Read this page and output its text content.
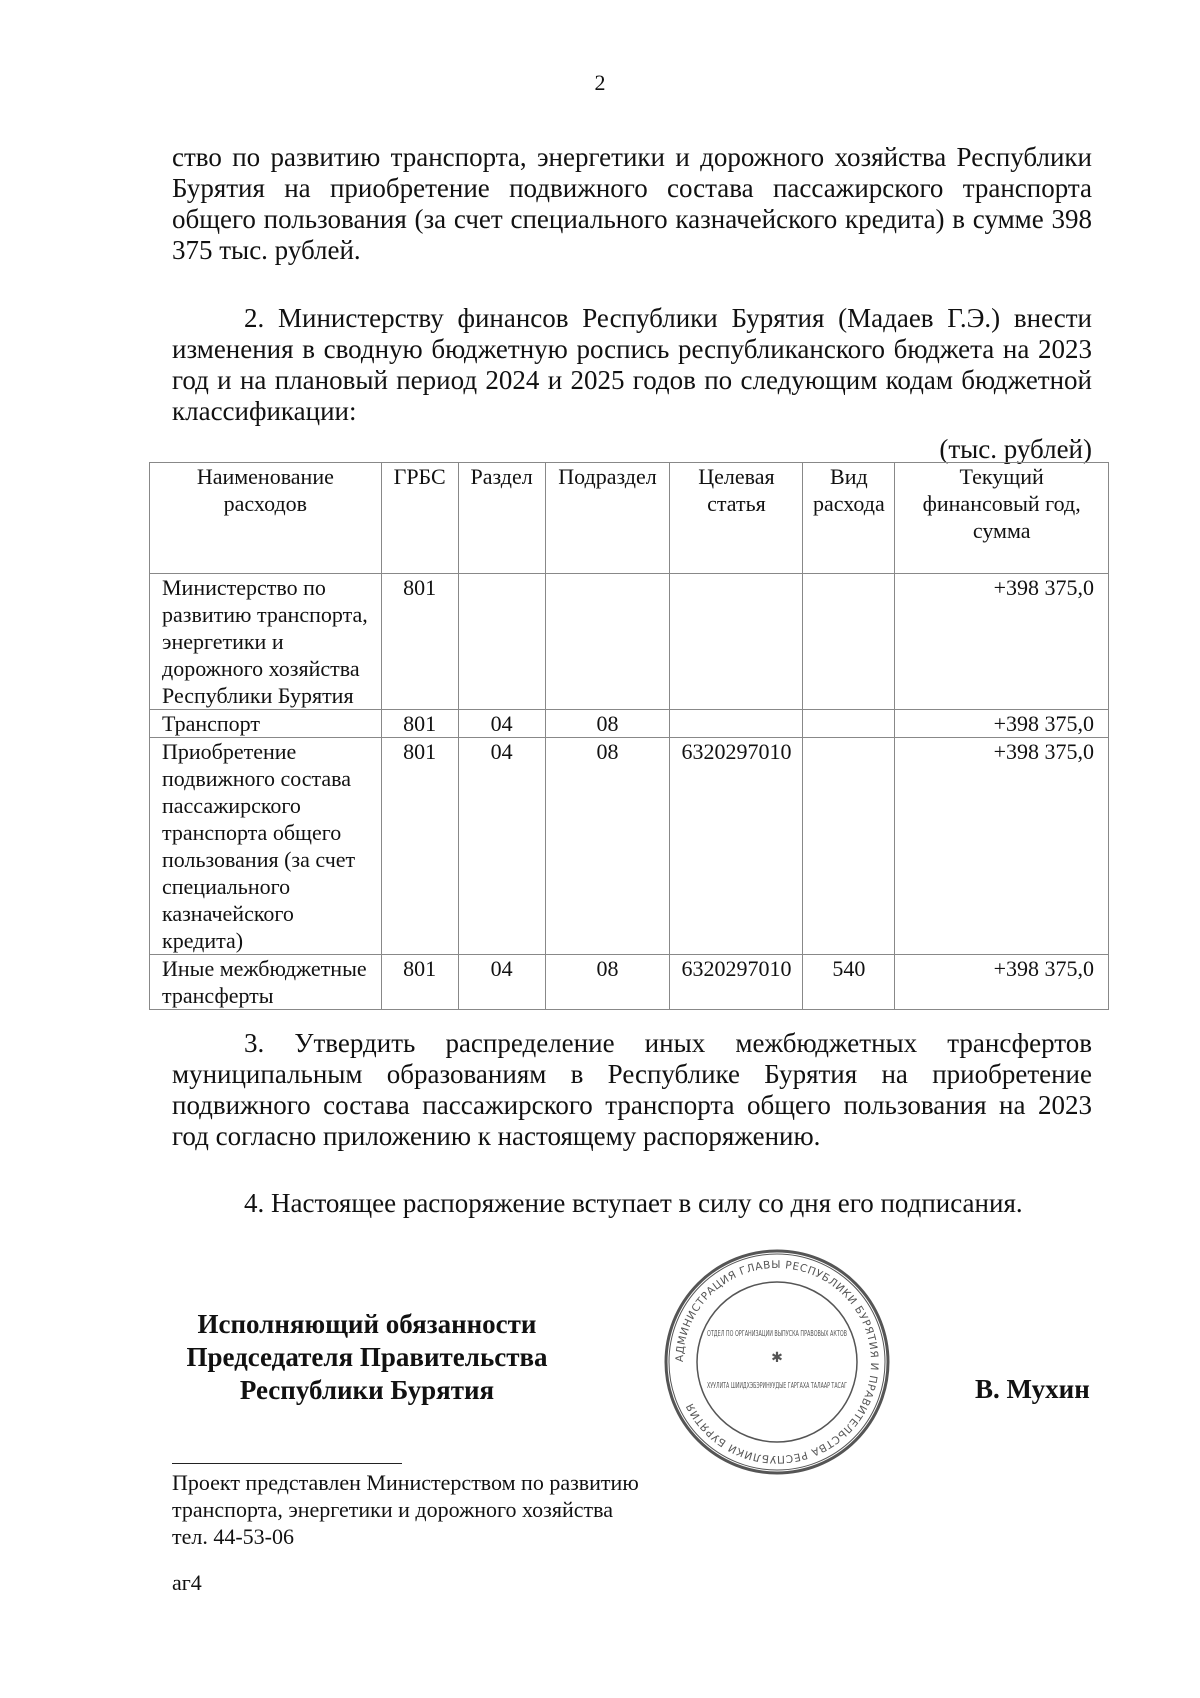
2
ство по развитию транспорта, энергетики и дорожного хозяйства Республики Бурятия на приобретение подвижного состава пассажирского транспорта общего пользования (за счет специального казначейского кредита) в сумме 398 375 тыс. рублей.
2. Министерству финансов Республики Бурятия (Мадаев Г.Э.) внести изменения в сводную бюджетную роспись республиканского бюджета на 2023 год и на плановый период 2024 и 2025 годов по следующим кодам бюджетной классификации:
(тыс. рублей)
Наименование расходов	ГРБС	Раздел	Подраздел	Целевая статья	Вид расхода	Текущий финансовый год, сумма
Министерство по развитию транспорта, энергетики и дорожного хозяйства Республики Бурятия	801					+398 375,0
Транспорт	801	04	08			+398 375,0
Приобретение подвижного состава пассажирского транспорта общего пользования (за счет специального казначейского кредита)	801	04	08	6320297010		+398 375,0
Иные межбюджетные трансферты	801	04	08	6320297010	540	+398 375,0
3. Утвердить распределение иных межбюджетных трансфертов муниципальным образованиям в Республике Бурятия на приобретение подвижного состава пассажирского транспорта общего пользования на 2023 год согласно приложению к настоящему распоряжению.
4. Настоящее распоряжение вступает в силу со дня его подписания.
Исполняющий обязанности
Председателя Правительства
Республики Бурятия
АДМИНИСТРАЦИЯ ГЛАВЫ РЕСПУБЛИКИ БУРЯТИЯ И ПРАВИТЕЛЬСТВА РЕСПУБЛИКИ БУРЯТИЯ
ОТДЕЛ ПО ОРГАНИЗАЦИИ ВЫПУСКА ПРАВОВЫХ АКТОВ
✱
ХУУЛИТА ШИИДХЭБЭРИНУУДЫЕ ГАРГАХА ТАЛААР ТАСАГ	В. Мухин
Проект представлен Министерством по развитию
транспорта, энергетики и дорожного хозяйства
тел. 44-53-06
аг4
